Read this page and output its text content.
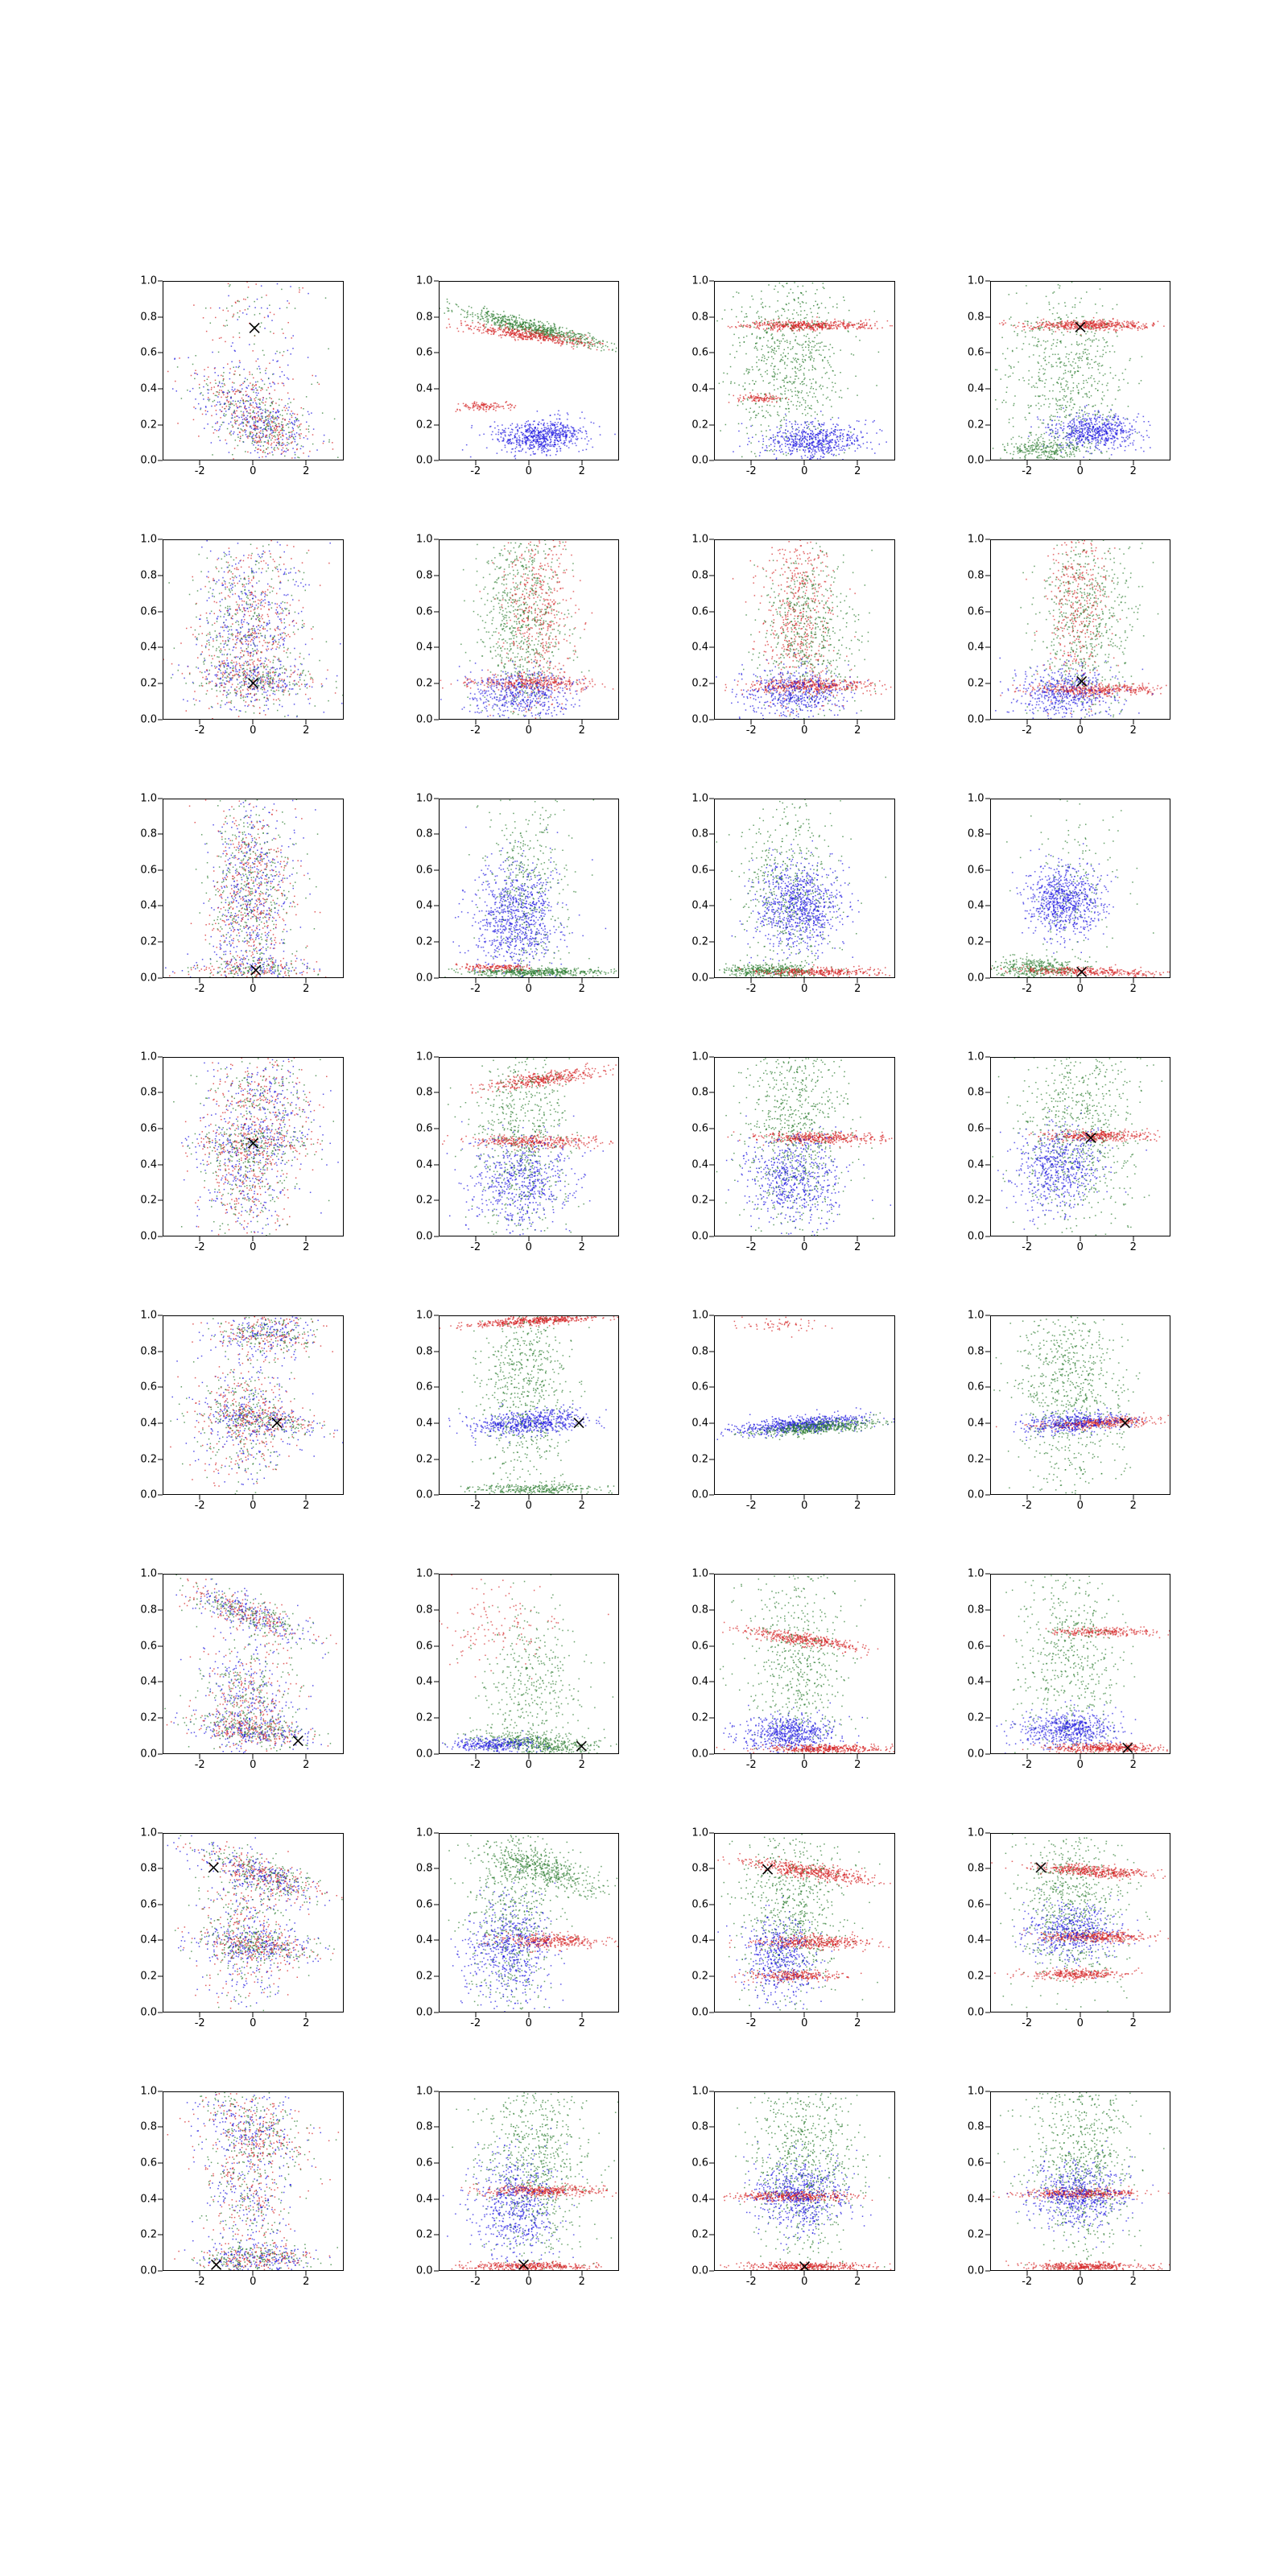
0.0
0.2
0.4
0.6
0.8
1.0
-2	0	2
0.0
0.2
0.4
0.6
0.8
1.0
-2	0	2
0.0
0.2
0.4
0.6
0.8
1.0
-2	0	2
0.0
0.2
0.4
0.6
0.8
1.0
-2	0	2
0.0
0.2
0.4
0.6
0.8
1.0
-2	0	2
0.0
0.2
0.4
0.6
0.8
1.0
-2	0	2
0.0
0.2
0.4
0.6
0.8
1.0
-2	0	2
0.0
0.2
0.4
0.6
0.8
1.0
-2	0	2
0.0
0.2
0.4
0.6
0.8
1.0
-2	0	2
0.0
0.2
0.4
0.6
0.8
1.0
-2	0	2
0.0
0.2
0.4
0.6
0.8
1.0
-2	0	2
0.0
0.2
0.4
0.6
0.8
1.0
-2	0	2
0.0
0.2
0.4
0.6
0.8
1.0
-2	0	2
0.0
0.2
0.4
0.6
0.8
1.0
-2	0	2
0.0
0.2
0.4
0.6
0.8
1.0
-2	0	2
0.0
0.2
0.4
0.6
0.8
1.0
-2	0	2
0.0
0.2
0.4
0.6
0.8
1.0
-2	0	2
0.0
0.2
0.4
0.6
0.8
1.0
-2	0	2
0.0
0.2
0.4
0.6
0.8
1.0
-2	0	2
0.0
0.2
0.4
0.6
0.8
1.0
-2	0	2
0.0
0.2
0.4
0.6
0.8
1.0
-2	0	2
0.0
0.2
0.4
0.6
0.8
1.0
-2	0	2
0.0
0.2
0.4
0.6
0.8
1.0
-2	0	2
0.0
0.2
0.4
0.6
0.8
1.0
-2	0	2
0.0
0.2
0.4
0.6
0.8
1.0
-2	0	2
0.0
0.2
0.4
0.6
0.8
1.0
-2	0	2
0.0
0.2
0.4
0.6
0.8
1.0
-2	0	2
0.0
0.2
0.4
0.6
0.8
1.0
-2	0	2
0.0
0.2
0.4
0.6
0.8
1.0
-2	0	2
0.0
0.2
0.4
0.6
0.8
1.0
-2	0	2
0.0
0.2
0.4
0.6
0.8
1.0
-2	0	2
0.0
0.2
0.4
0.6
0.8
1.0
-2	0	2
